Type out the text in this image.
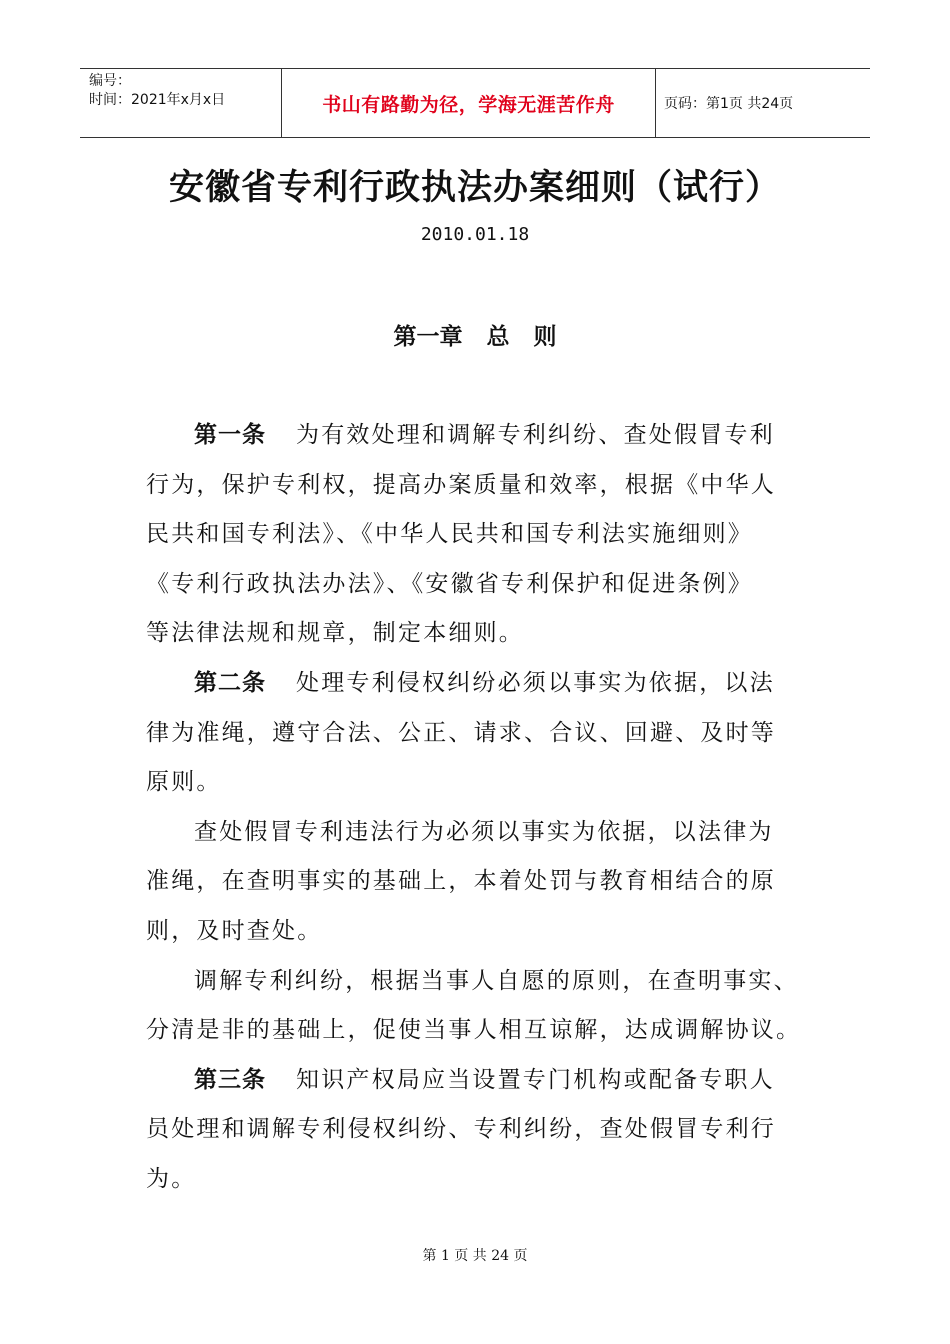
编号：
时间：2021年x月x日	书山有路勤为径，学海无涯苦作舟	页码：第1页 共24页
安徽省专利行政执法办案细则（试行）
2010.01.18
第一章   总   则
第一条 为有效处理和调解专利纠纷、查处假冒专利
行为，保护专利权，提高办案质量和效率，根据《中华人
民共和国专利法》、《中华人民共和国专利法实施细则》
《专利行政执法办法》、《安徽省专利保护和促进条例》
等法律法规和规章，制定本细则。
第二条 处理专利侵权纠纷必须以事实为依据，以法
律为准绳，遵守合法、公正、请求、合议、回避、及时等
原则。
查处假冒专利违法行为必须以事实为依据，以法律为
准绳，在查明事实的基础上，本着处罚与教育相结合的原
则，及时查处。
调解专利纠纷，根据当事人自愿的原则，在查明事实、
分清是非的基础上，促使当事人相互谅解，达成调解协议。
第三条 知识产权局应当设置专门机构或配备专职人
员处理和调解专利侵权纠纷、专利纠纷，查处假冒专利行
为。
第 1 页 共 24 页
